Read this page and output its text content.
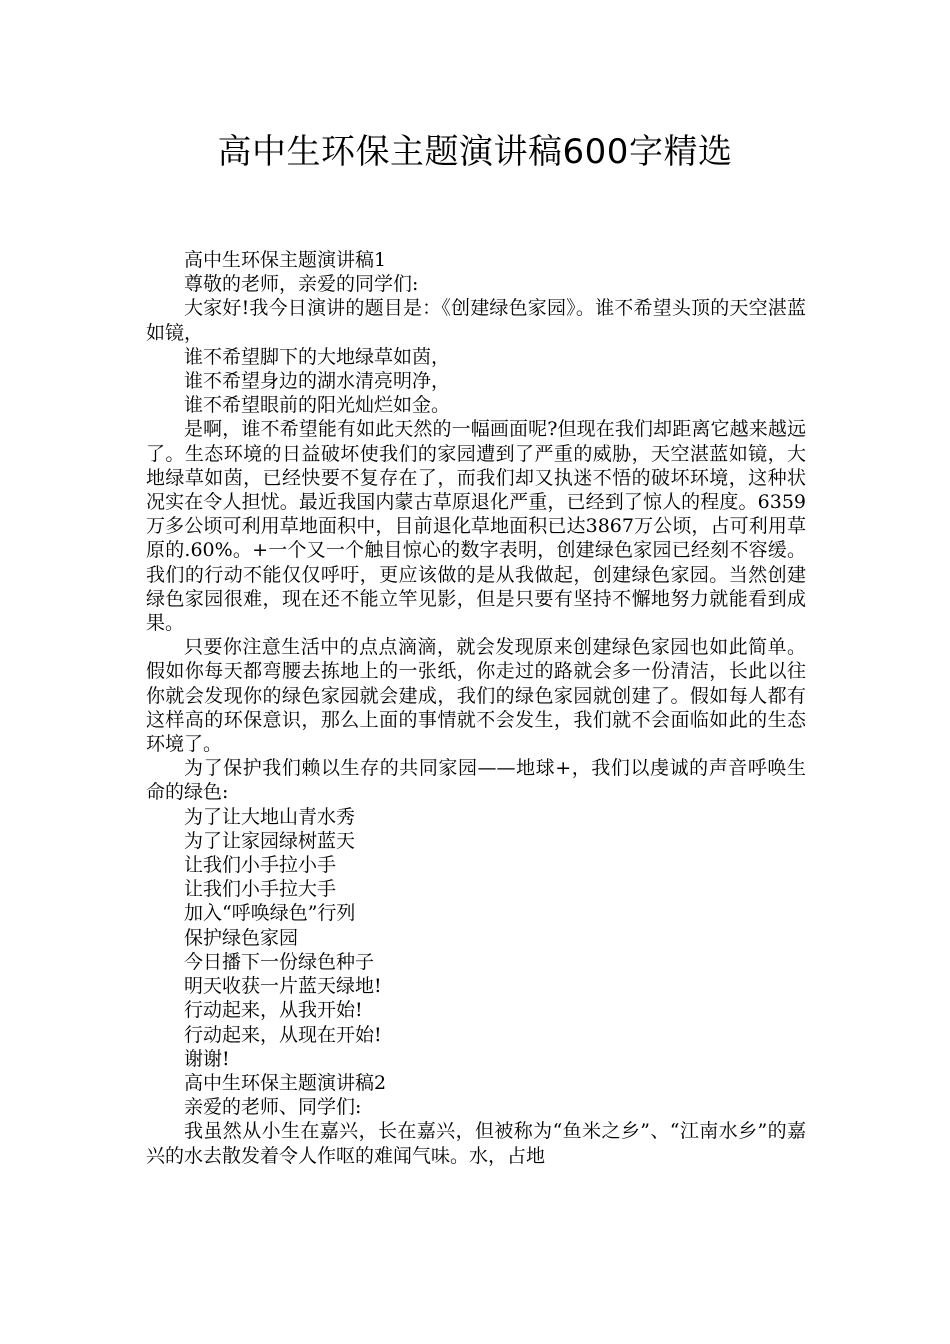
高中生环保主题演讲稿600字精选

高中生环保主题演讲稿1

尊敬的老师，亲爱的同学们:

大家好!我今日演讲的题目是：《创建绿色家园》。谁不希望头顶的天空湛蓝如镜，

谁不希望脚下的大地绿草如茵，

谁不希望身边的湖水清亮明净，

谁不希望眼前的阳光灿烂如金。

是啊，谁不希望能有如此天然的一幅画面呢?但现在我们却距离它越来越远了。生态环境的日益破坏使我们的家园遭到了严重的威胁，天空湛蓝如镜，大地绿草如茵，已经快要不复存在了，而我们却又执迷不悟的破坏环境，这种状况实在令人担忧。最近我国内蒙古草原退化严重，已经到了惊人的程度。6359万多公顷可利用草地面积中，目前退化草地面积已达3867万公顷，占可利用草原的.60%。+一个又一个触目惊心的数字表明，创建绿色家园已经刻不容缓。我们的行动不能仅仅呼吁，更应该做的是从我做起，创建绿色家园。当然创建绿色家园很难，现在还不能立竿见影，但是只要有坚持不懈地努力就能看到成果。

只要你注意生活中的点点滴滴，就会发现原来创建绿色家园也如此简单。假如你每天都弯腰去拣地上的一张纸，你走过的路就会多一份清洁，长此以往你就会发现你的绿色家园就会建成，我们的绿色家园就创建了。假如每人都有这样高的环保意识，那么上面的事情就不会发生，我们就不会面临如此的生态环境了。

为了保护我们赖以生存的共同家园——地球+，我们以虔诚的声音呼唤生命的绿色:

为了让大地山青水秀

为了让家园绿树蓝天

让我们小手拉小手

让我们小手拉大手

加入“呼唤绿色”行列

保护绿色家园

今日播下一份绿色种子

明天收获一片蓝天绿地!

行动起来，从我开始!

行动起来，从现在开始!

谢谢!

高中生环保主题演讲稿2

亲爱的老师、同学们:

我虽然从小生在嘉兴，长在嘉兴，但被称为“鱼米之乡”、“江南水乡”的嘉兴的水去散发着令人作呕的难闻气味。水，占地
